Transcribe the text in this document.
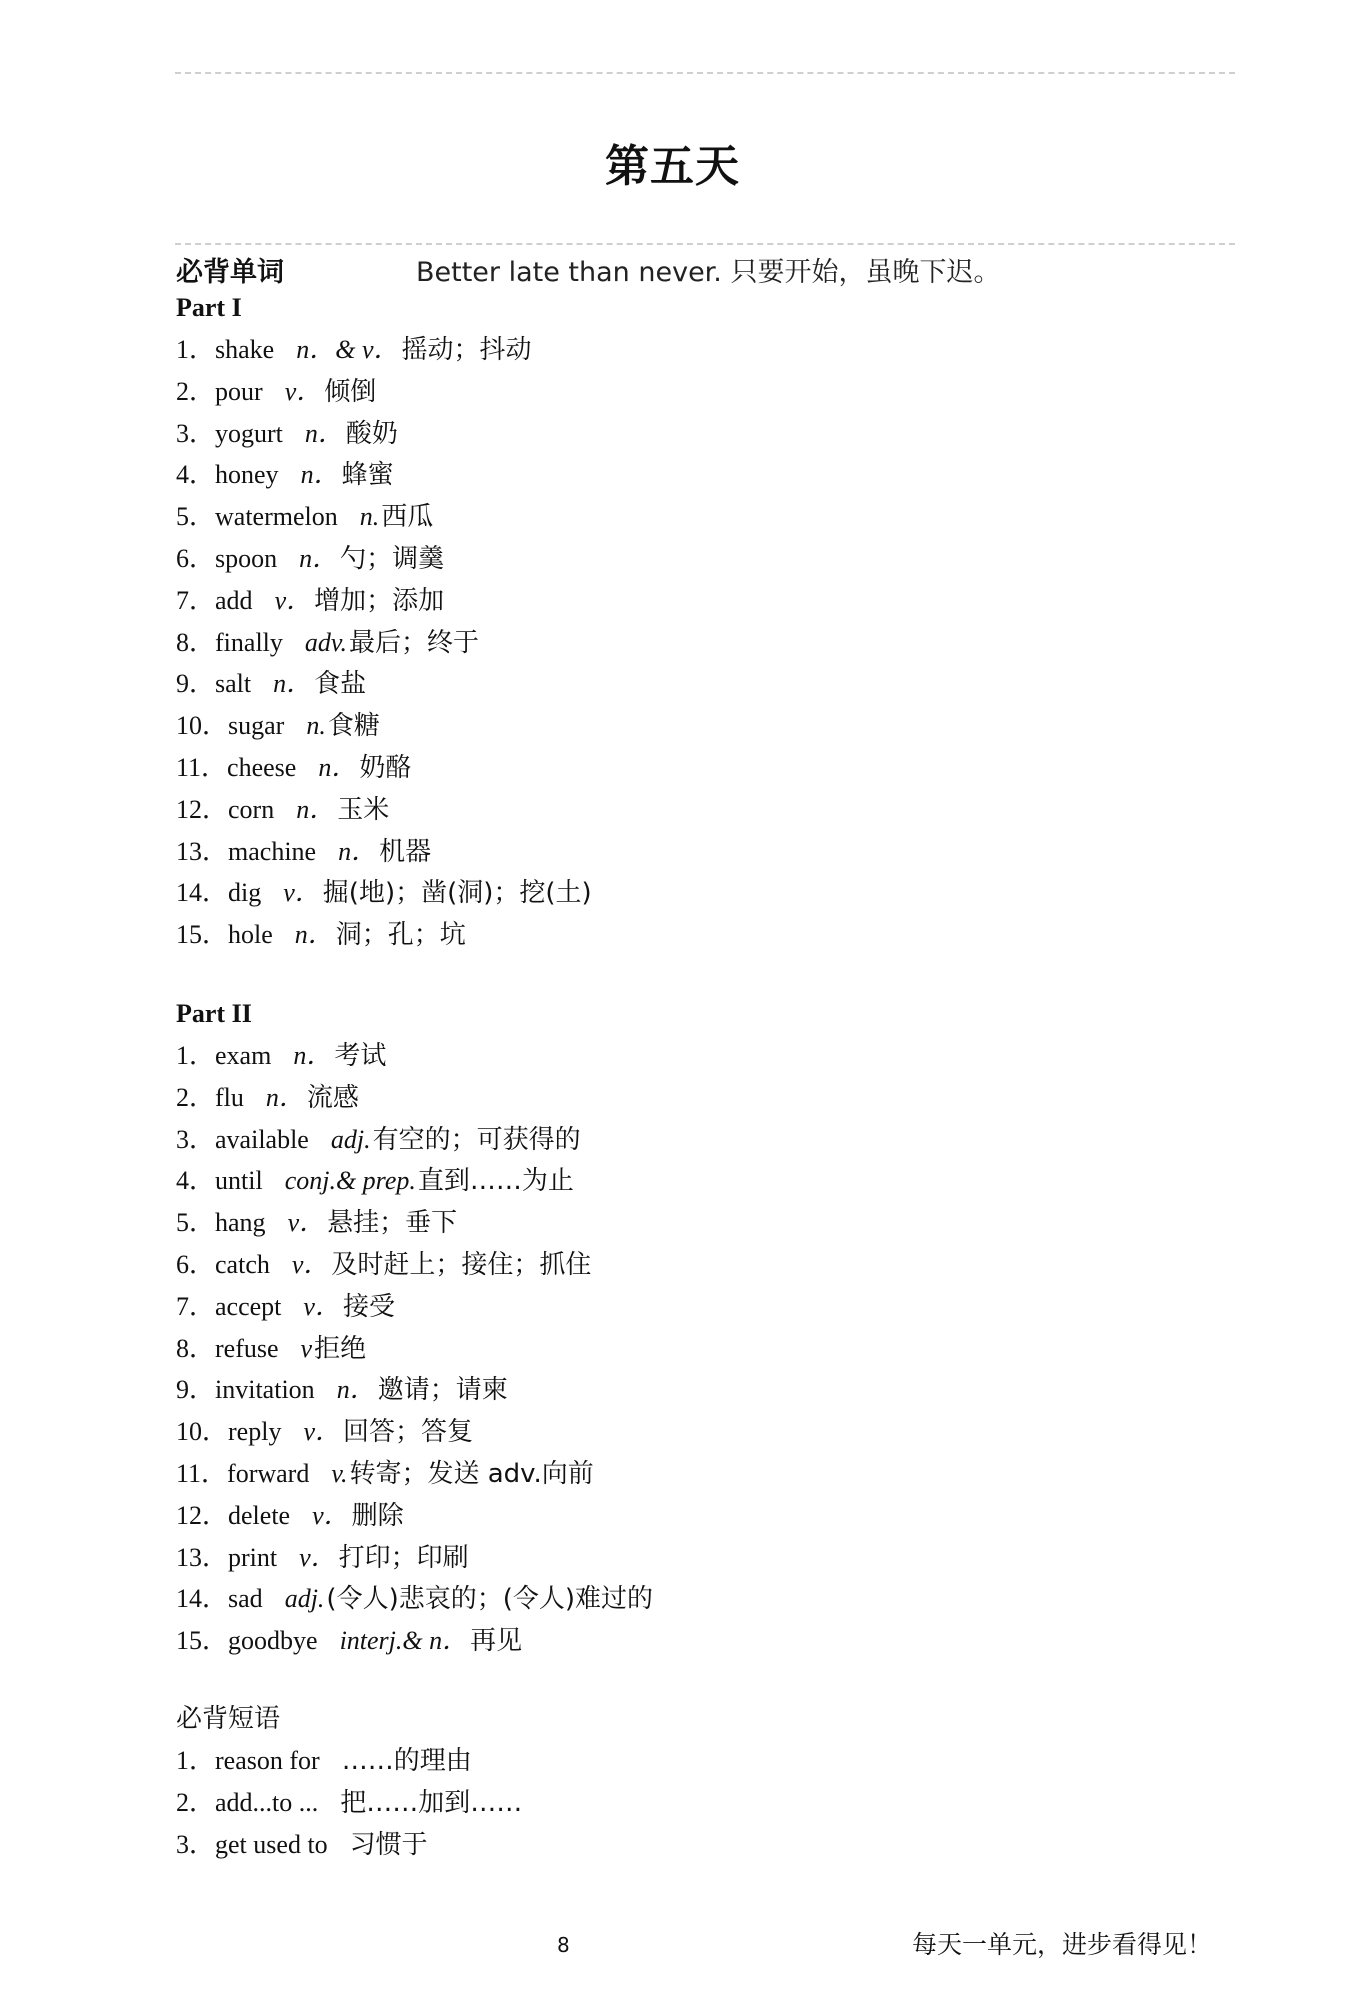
第五天
必背单词	Better late than never. 只要开始，虽晚下迟。
Part I
1．shake n．& v．摇动；抖动
2．pour v．倾倒
3．yogurt n．酸奶
4．honey n．蜂蜜
5．watermelon n.西瓜
6．spoon n．勺；调羹
7．add v．增加；添加
8．finally adv.最后；终于
9．salt n．食盐
10．sugar n.食糖
11．cheese n．奶酪
12．corn n．玉米
13．machine n．机器
14．dig v．掘(地)；凿(洞)；挖(土)
15．hole n．洞；孔；坑
Part II
1．exam n．考试
2．flu n．流感
3．available adj.有空的；可获得的
4．until conj.& prep.直到……为止
5．hang v．悬挂；垂下
6．catch v．及时赶上；接住；抓住
7．accept v．接受
8．refuse v拒绝
9．invitation n．邀请；请柬
10．reply v．回答；答复
11．forward v.转寄；发送 adv.向前
12．delete v．删除
13．print v．打印；印刷
14．sad adj.(令人)悲哀的；(令人)难过的
15．goodbye interj.& n．再见
必背短语
1．reason for ……的理由
2．add...to ... 把……加到……
3．get used to 习惯于
8	每天一单元，进步看得见！
